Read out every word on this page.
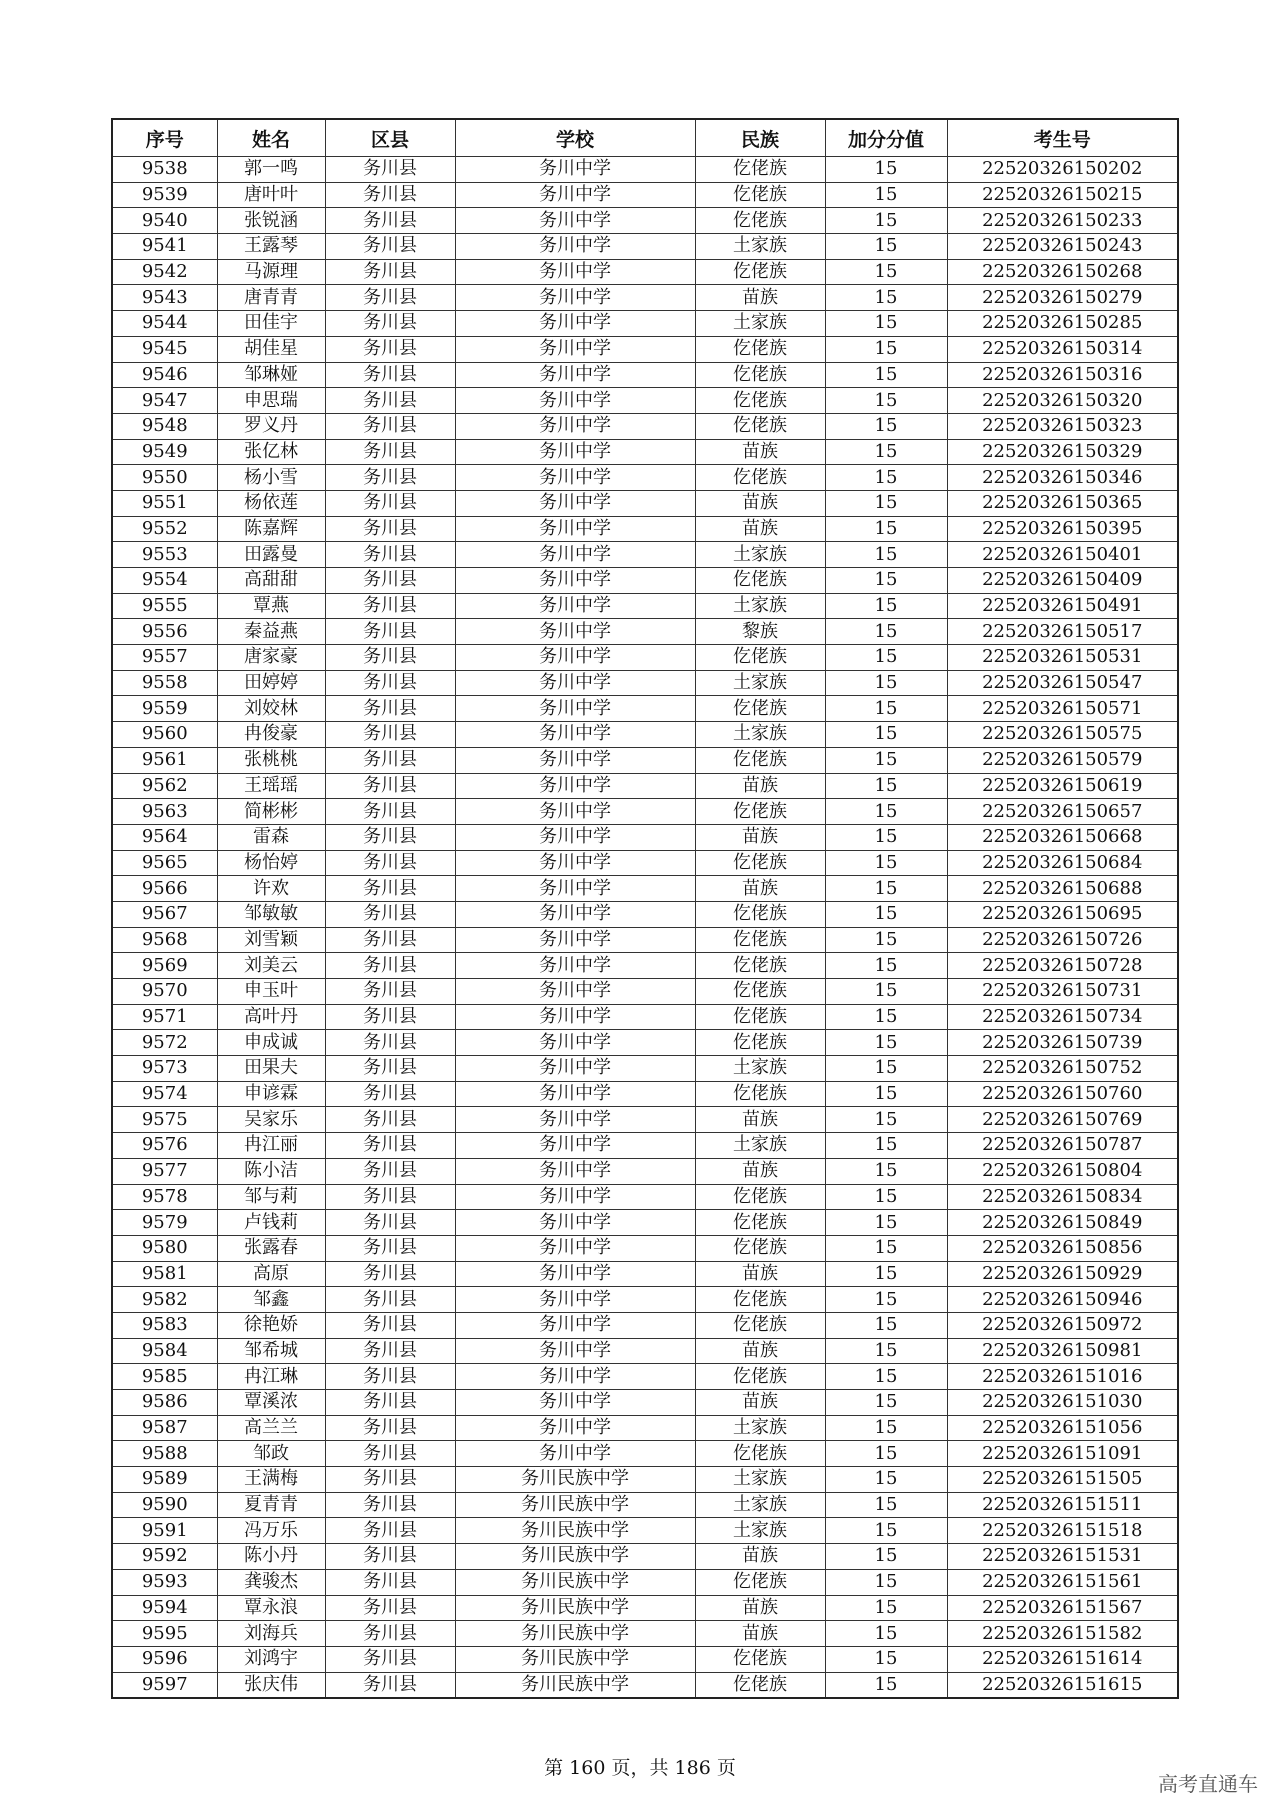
序号	姓名	区县	学校	民族	加分分值	考生号
9538	郭一鸣	务川县	务川中学	仡佬族	15	22520326150202
9539	唐叶叶	务川县	务川中学	仡佬族	15	22520326150215
9540	张锐涵	务川县	务川中学	仡佬族	15	22520326150233
9541	王露琴	务川县	务川中学	土家族	15	22520326150243
9542	马源理	务川县	务川中学	仡佬族	15	22520326150268
9543	唐青青	务川县	务川中学	苗族	15	22520326150279
9544	田佳宇	务川县	务川中学	土家族	15	22520326150285
9545	胡佳星	务川县	务川中学	仡佬族	15	22520326150314
9546	邹琳娅	务川县	务川中学	仡佬族	15	22520326150316
9547	申思瑞	务川县	务川中学	仡佬族	15	22520326150320
9548	罗义丹	务川县	务川中学	仡佬族	15	22520326150323
9549	张亿林	务川县	务川中学	苗族	15	22520326150329
9550	杨小雪	务川县	务川中学	仡佬族	15	22520326150346
9551	杨依莲	务川县	务川中学	苗族	15	22520326150365
9552	陈嘉辉	务川县	务川中学	苗族	15	22520326150395
9553	田露曼	务川县	务川中学	土家族	15	22520326150401
9554	高甜甜	务川县	务川中学	仡佬族	15	22520326150409
9555	覃燕	务川县	务川中学	土家族	15	22520326150491
9556	秦益燕	务川县	务川中学	黎族	15	22520326150517
9557	唐家豪	务川县	务川中学	仡佬族	15	22520326150531
9558	田婷婷	务川县	务川中学	土家族	15	22520326150547
9559	刘姣林	务川县	务川中学	仡佬族	15	22520326150571
9560	冉俊豪	务川县	务川中学	土家族	15	22520326150575
9561	张桃桃	务川县	务川中学	仡佬族	15	22520326150579
9562	王瑶瑶	务川县	务川中学	苗族	15	22520326150619
9563	简彬彬	务川县	务川中学	仡佬族	15	22520326150657
9564	雷森	务川县	务川中学	苗族	15	22520326150668
9565	杨怡婷	务川县	务川中学	仡佬族	15	22520326150684
9566	许欢	务川县	务川中学	苗族	15	22520326150688
9567	邹敏敏	务川县	务川中学	仡佬族	15	22520326150695
9568	刘雪颖	务川县	务川中学	仡佬族	15	22520326150726
9569	刘美云	务川县	务川中学	仡佬族	15	22520326150728
9570	申玉叶	务川县	务川中学	仡佬族	15	22520326150731
9571	高叶丹	务川县	务川中学	仡佬族	15	22520326150734
9572	申成诚	务川县	务川中学	仡佬族	15	22520326150739
9573	田果夫	务川县	务川中学	土家族	15	22520326150752
9574	申谚霖	务川县	务川中学	仡佬族	15	22520326150760
9575	吴家乐	务川县	务川中学	苗族	15	22520326150769
9576	冉江丽	务川县	务川中学	土家族	15	22520326150787
9577	陈小洁	务川县	务川中学	苗族	15	22520326150804
9578	邹与莉	务川县	务川中学	仡佬族	15	22520326150834
9579	卢钱莉	务川县	务川中学	仡佬族	15	22520326150849
9580	张露春	务川县	务川中学	仡佬族	15	22520326150856
9581	高原	务川县	务川中学	苗族	15	22520326150929
9582	邹鑫	务川县	务川中学	仡佬族	15	22520326150946
9583	徐艳娇	务川县	务川中学	仡佬族	15	22520326150972
9584	邹希城	务川县	务川中学	苗族	15	22520326150981
9585	冉江琳	务川县	务川中学	仡佬族	15	22520326151016
9586	覃溪浓	务川县	务川中学	苗族	15	22520326151030
9587	高兰兰	务川县	务川中学	土家族	15	22520326151056
9588	邹政	务川县	务川中学	仡佬族	15	22520326151091
9589	王满梅	务川县	务川民族中学	土家族	15	22520326151505
9590	夏青青	务川县	务川民族中学	土家族	15	22520326151511
9591	冯万乐	务川县	务川民族中学	土家族	15	22520326151518
9592	陈小丹	务川县	务川民族中学	苗族	15	22520326151531
9593	龚骏杰	务川县	务川民族中学	仡佬族	15	22520326151561
9594	覃永浪	务川县	务川民族中学	苗族	15	22520326151567
9595	刘海兵	务川县	务川民族中学	苗族	15	22520326151582
9596	刘鸿宇	务川县	务川民族中学	仡佬族	15	22520326151614
9597	张庆伟	务川县	务川民族中学	仡佬族	15	22520326151615
第 160 页，共 186 页
高考直通车
